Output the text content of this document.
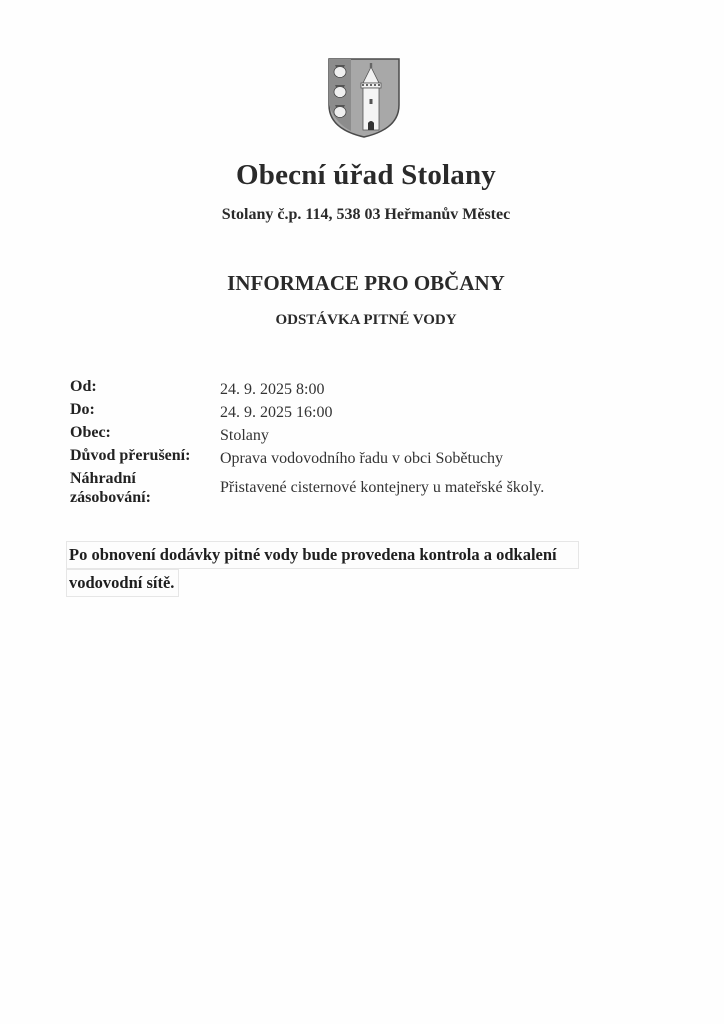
Obecní úřad Stolany
Stolany č.p. 114, 538 03 Heřmanův Městec
INFORMACE PRO OBČANY
ODSTÁVKA PITNÉ VODY
Od:	24. 9. 2025 8:00
Do:	24. 9. 2025 16:00
Obec:	Stolany
Důvod přerušení:	Oprava vodovodního řadu v obci Sobětuchy
Náhradní
zásobování:
Přistavené cisternové kontejnery u mateřské školy.
Po obnovení dodávky pitné vody bude provedena kontrola a odkalení
vodovodní sítě.
